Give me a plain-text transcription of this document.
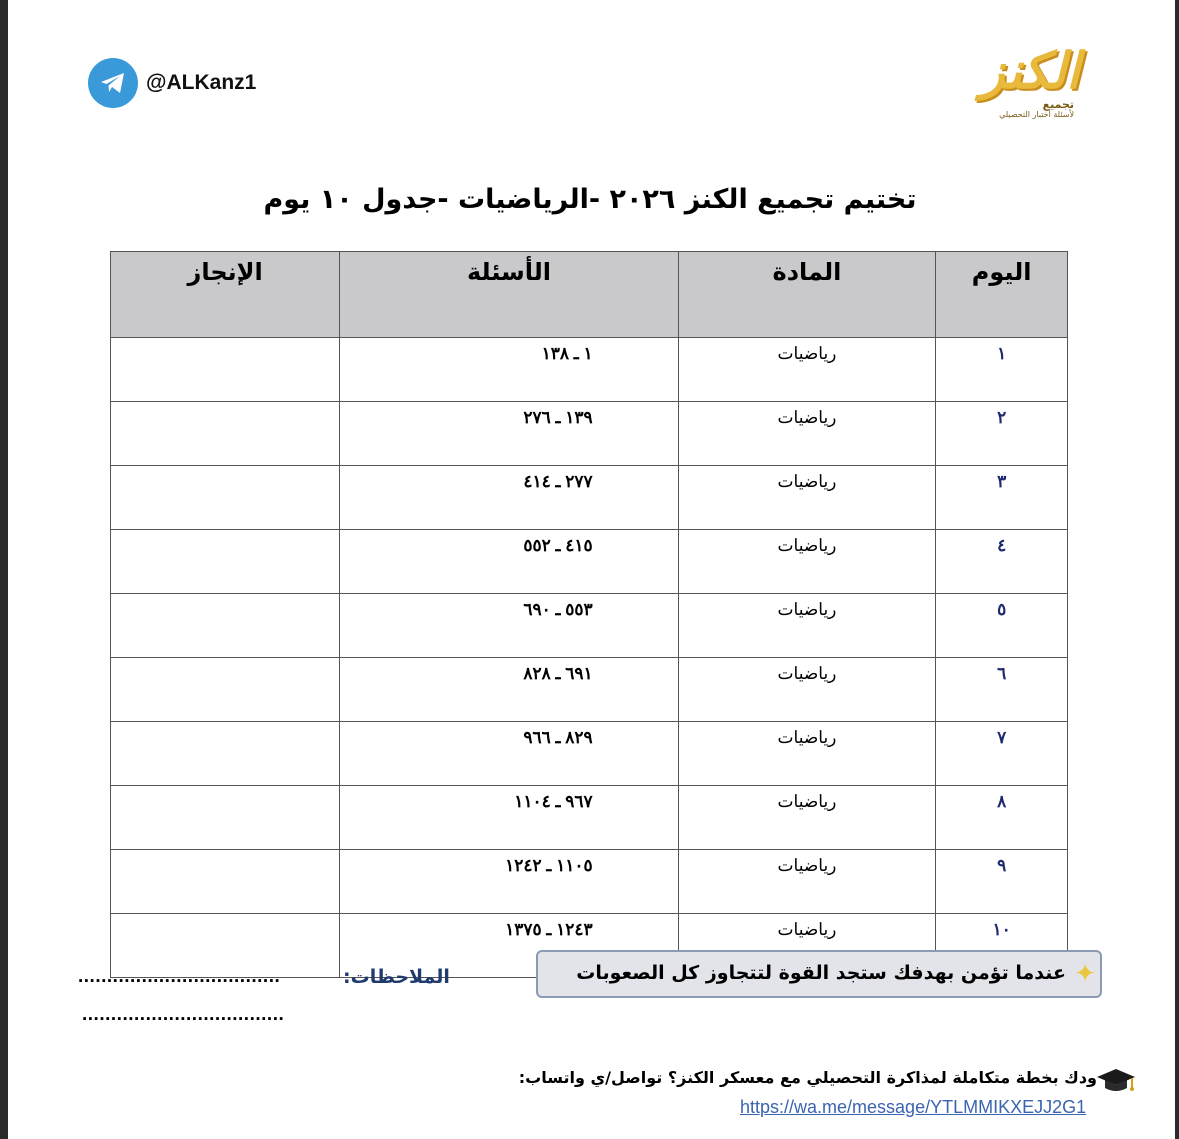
@ALKanz1	الكنز
تجميع
لأسئلة اختبار التحصيلي
تختيم تجميع الكنز ٢٠٢٦ -الرياضيات -جدول ١٠ يوم
اليوم	المادة	الأسئلة	الإنجاز
١	رياضيات	١ ـ ١٣٨	

٢	رياضيات	١٣٩ ـ ٢٧٦	

٣	رياضيات	٢٧٧ ـ ٤١٤	

٤	رياضيات	٤١٥ ـ ٥٥٢	

٥	رياضيات	٥٥٣ ـ ٦٩٠	

٦	رياضيات	٦٩١ ـ ٨٢٨	

٧	رياضيات	٨٢٩ ـ ٩٦٦	

٨	رياضيات	٩٦٧ ـ ١١٠٤	

٩	رياضيات	١١٠٥ ـ ١٢٤٢	

١٠	رياضيات	١٢٤٣ ـ ١٣٧٥	

✦
عندما تؤمن بهدفك ستجد القوة لتتجاوز كل الصعوبات
الملاحظات:
...................................
...................................
ودك بخطة متكاملة لمذاكرة التحصيلي مع معسكر الكنز؟ تواصل/ي واتساب:
https://wa.me/message/YTLMMIKXEJJ2G1
